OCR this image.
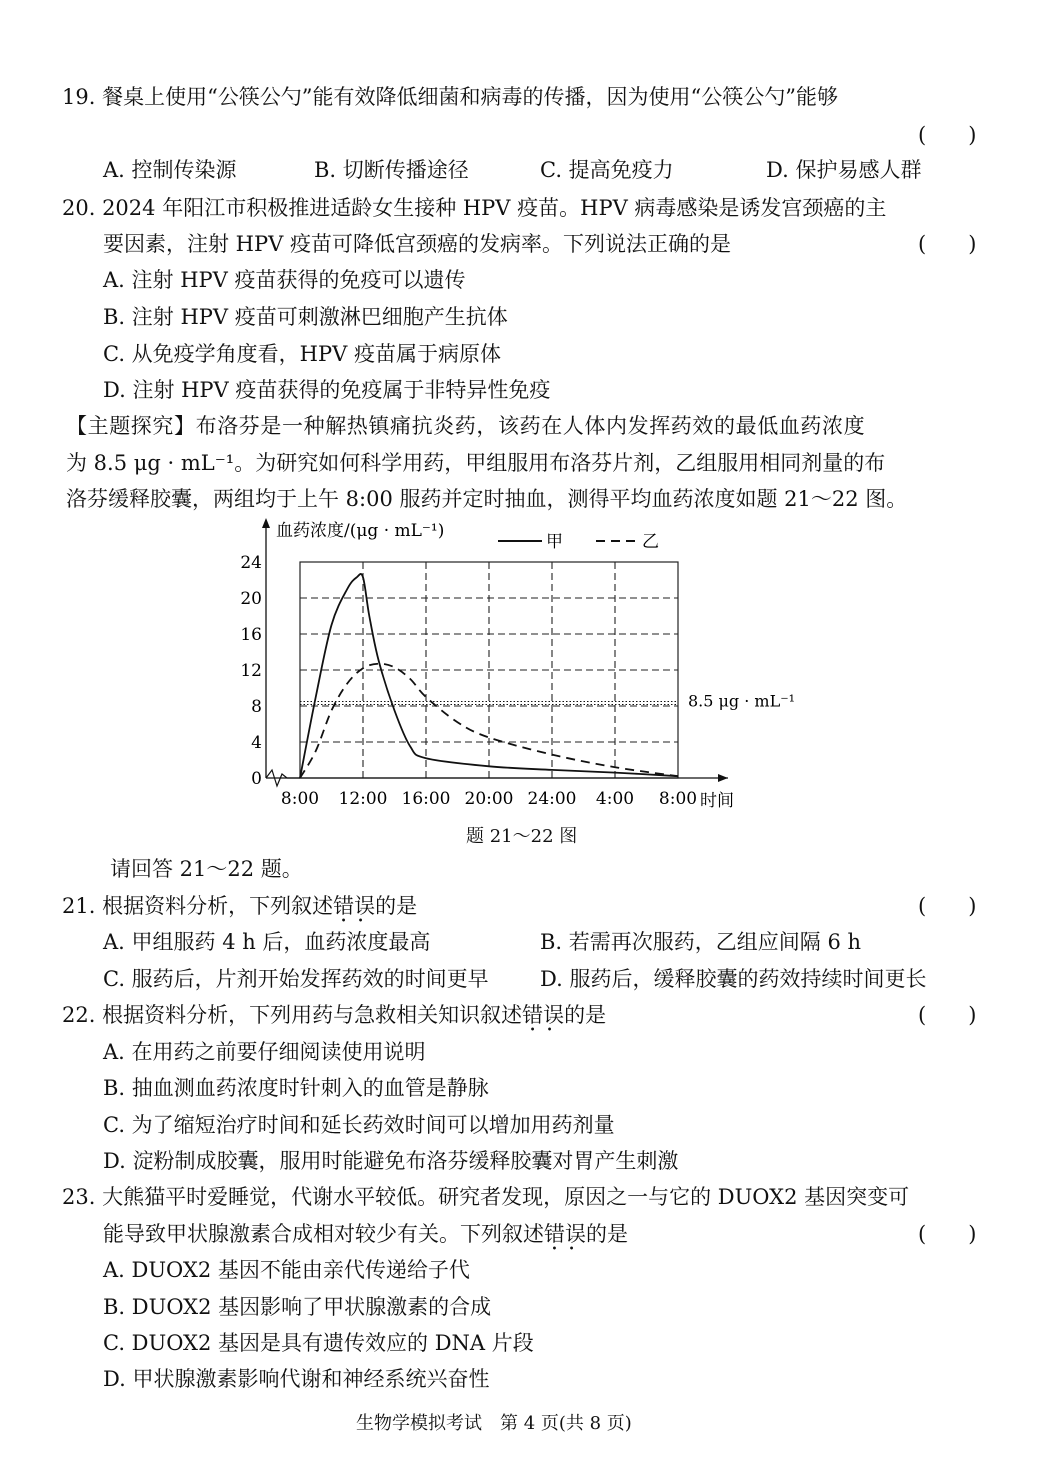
19. 餐桌上使用“公筷公勺”能有效降低细菌和病毒的传播，因为使用“公筷公勺”能够
(　　)
A. 控制传染源	B. 切断传播途径	C. 提高免疫力	D. 保护易感人群
20. 2024 年阳江市积极推进适龄女生接种 HPV 疫苗。HPV 病毒感染是诱发宫颈癌的主
要因素，注射 HPV 疫苗可降低宫颈癌的发病率。下列说法正确的是	(　　)
A. 注射 HPV 疫苗获得的免疫可以遗传
B. 注射 HPV 疫苗可刺激淋巴细胞产生抗体
C. 从免疫学角度看，HPV 疫苗属于病原体
D. 注射 HPV 疫苗获得的免疫属于非特异性免疫
【主题探究】布洛芬是一种解热镇痛抗炎药，该药在人体内发挥药效的最低血药浓度
为 8.5 μg · mL⁻¹。为研究如何科学用药，甲组服用布洛芬片剂，乙组服用相同剂量的布
洛芬缓释胶囊，两组均于上午 8:00 服药并定时抽血，测得平均血药浓度如题 21～22 图。
0
4
8
12
16
20
24
8:00 12:00 16:00 20:00 24:00 4:00 8:00
血药浓度/(μg · mL⁻¹)
时间
8.5 μg · mL⁻¹
甲	乙
题 21～22 图
请回答 21～22 题。
21. 根据资料分析，下列叙述错误 • •的是	(　　)
A. 甲组服药 4 h 后，血药浓度最高	B. 若需再次服药，乙组应间隔 6 h
C. 服药后，片剂开始发挥药效的时间更早 D. 服药后，缓释胶囊的药效持续时间更长
22. 根据资料分析，下列用药与急救相关知识叙述错误 • •的是	(　　)
A. 在用药之前要仔细阅读使用说明
B. 抽血测血药浓度时针刺入的血管是静脉
C. 为了缩短治疗时间和延长药效时间可以增加用药剂量
D. 淀粉制成胶囊，服用时能避免布洛芬缓释胶囊对胃产生刺激
23. 大熊猫平时爱睡觉，代谢水平较低。研究者发现，原因之一与它的 DUOX2 基因突变可
能导致甲状腺激素合成相对较少有关。下列叙述错误 • •的是	(　　)
A. DUOX2 基因不能由亲代传递给子代
B. DUOX2 基因影响了甲状腺激素的合成
C. DUOX2 基因是具有遗传效应的 DNA 片段
D. 甲状腺激素影响代谢和神经系统兴奋性
生物学模拟考试　第 4 页(共 8 页)
